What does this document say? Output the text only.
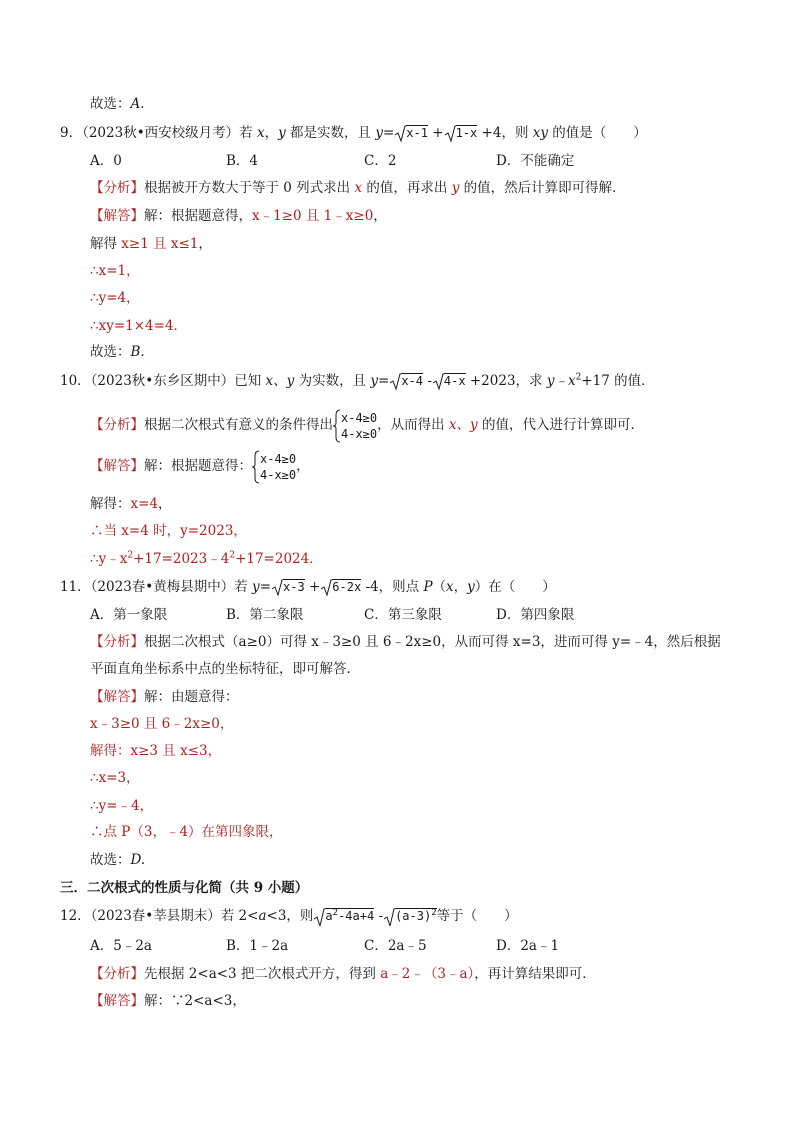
故选：A.
9．（2023秋•西安校级月考）若 x，y 都是实数，且 y= x-1 + 1-x +4，则 xy 的值是（　　）
A．0	B．4	C．2	D．不能确定
【分析】根据被开方数大于等于 0 列式求出 x 的值，再求出 y 的值，然后计算即可得解．
【解答】解：根据题意得，x﹣1≥0 且 1﹣x≥0，
解得 x≥1 且 x≤1，
∴x=1，
∴y=4，
∴xy=1×4=4．
故选：B.
10．（2023秋•东乡区期中）已知 x、y 为实数，且 y= x-4 - 4-x +2023，求 $y﹣x^2+17$ 的值．
【分析】根据二次根式有意义的条件得出 x-4≥0
4-x≥0
，从而得出 x、y 的值，代入进行计算即可．
【解答】解：根据题意得： x-4≥0
4-x≥0
，
解得：x=4，
∴当 x=4 时，y=2023，
$\therefore y﹣x^2+17=2023﹣4^2+17=2024$．
11．（2023春•黄梅县期中）若 y= x-3 + 6-2x -4，则点 P（x，y）在（　　）
A．第一象限	B．第二象限	C．第三象限	D．第四象限
【分析】根据二次根式（a≥0）可得 x﹣3≥0 且 6﹣2x≥0，从而可得 x=3，进而可得 y=﹣4，然后根据
平面直角坐标系中点的坐标特征，即可解答．
【解答】解：由题意得：
x﹣3≥0 且 6﹣2x≥0，
解得：x≥3 且 x≤3，
∴x=3，
∴y=﹣4，
∴点 P（3，﹣4）在第四象限，
故选：D.
三．二次根式的性质与化简（共 9 小题）
12．（2023春•莘县期末）若 2<a<3，则 $a^2-4a+4 - (a-3)^2$等于（　　）
A．5﹣2a	B．1﹣2a	C．2a﹣5	D．2a﹣1
【分析】先根据 2<a<3 把二次根式开方，得到 a﹣2﹣（3﹣a），再计算结果即可．
【解答】解：∵2<a<3，
